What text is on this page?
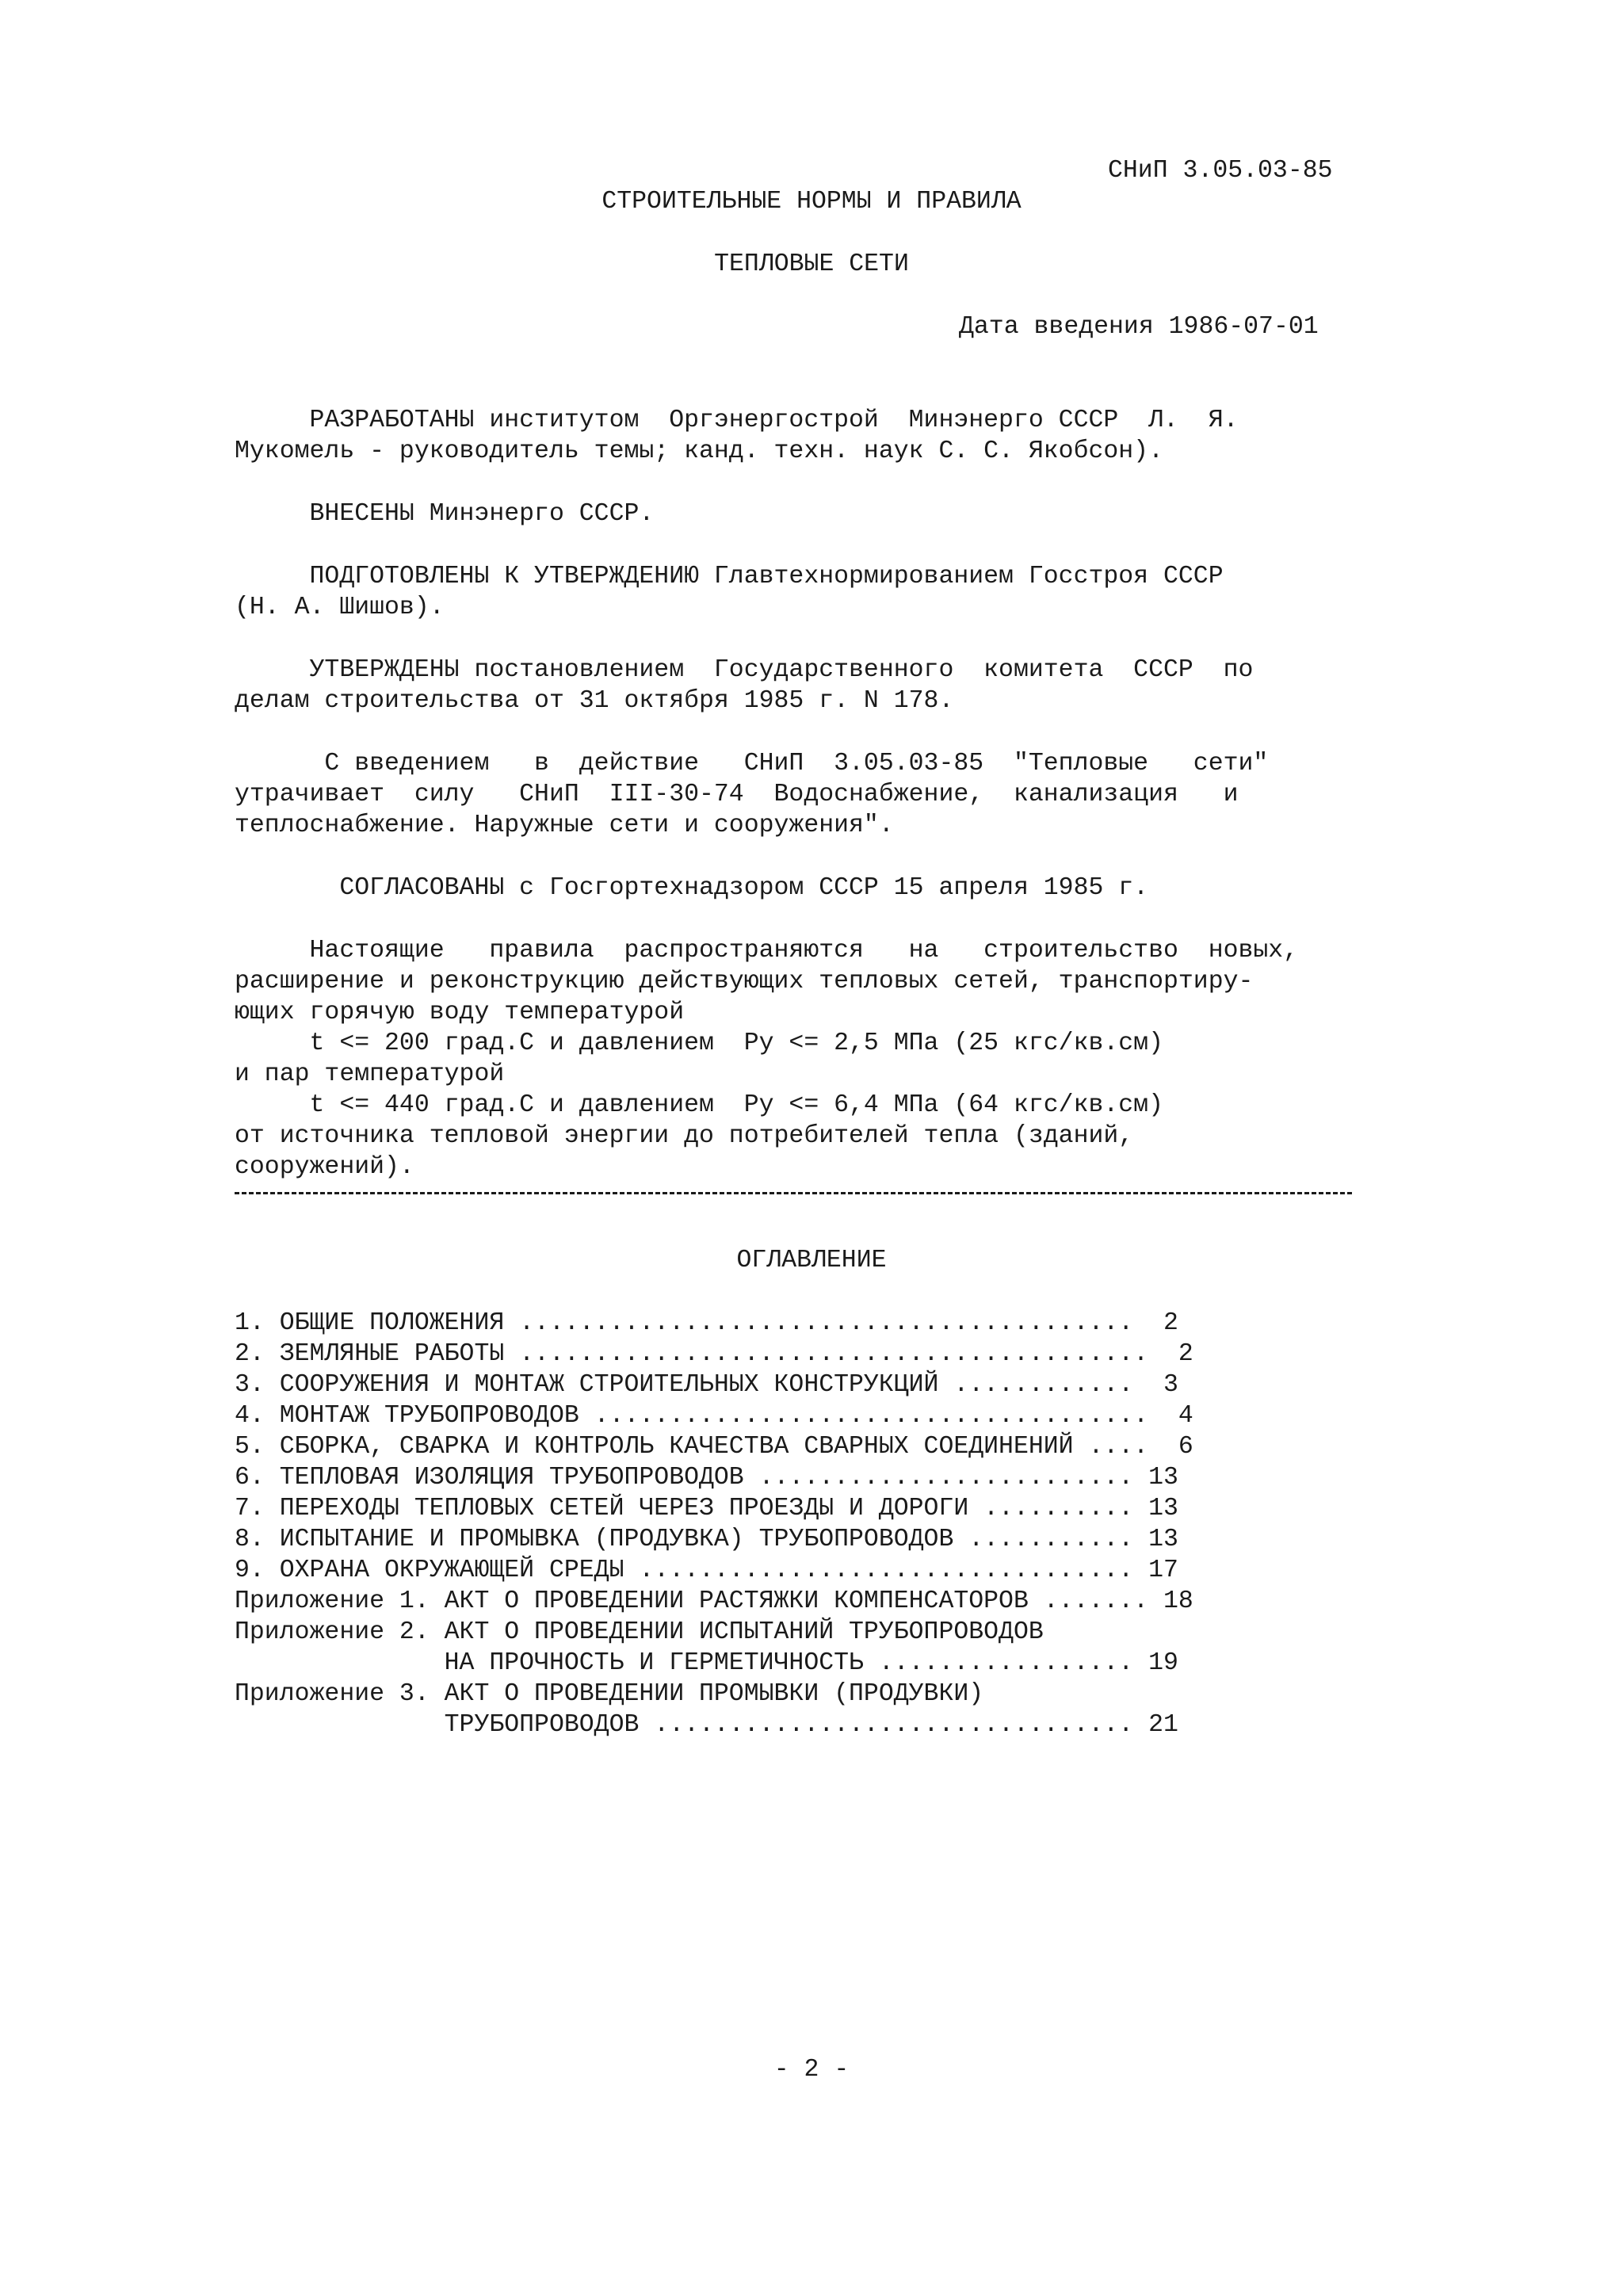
СНиП 3.05.03-85
СТРОИТЕЛЬНЫЕ НОРМЫ И ПРАВИЛА
ТЕПЛОВЫЕ СЕТИ
Дата введения 1986-07-01
РАЗРАБОТАНЫ институтом  Оргэнергострой  Минэнерго СССР  Л.  Я.
Мукомель - руководитель темы; канд. техн. наук С. С. Якобсон).
ВНЕСЕНЫ Минэнерго СССР.
ПОДГОТОВЛЕНЫ К УТВЕРЖДЕНИЮ Главтехнормированием Госстроя СССР
(Н. А. Шишов).
УТВЕРЖДЕНЫ постановлением  Государственного  комитета  СССР  по
делам строительства от 31 октября 1985 г. N 178.
С введением   в  действие   СНиП  3.05.03-85  "Тепловые   сети"
утрачивает  силу   СНиП  III-30-74  Водоснабжение,  канализация   и
теплоснабжение. Наружные сети и сооружения".
СОГЛАСОВАНЫ с Госгортехнадзором СССР 15 апреля 1985 г.
Настоящие   правила  распространяются   на   строительство  новых,
расширение и реконструкцию действующих тепловых сетей, транспортиру-
ющих горячую воду температурой
t <= 200 град.С и давлением  Ру <= 2,5 МПа (25 кгс/кв.см)
и пар температурой
t <= 440 град.С и давлением  Ру <= 6,4 МПа (64 кгс/кв.см)
от источника тепловой энергии до потребителей тепла (зданий,
сооружений).
ОГЛАВЛЕНИЕ
1. ОБЩИЕ ПОЛОЖЕНИЯ .........................................  2
2. ЗЕМЛЯНЫЕ РАБОТЫ ..........................................  2
3. СООРУЖЕНИЯ И МОНТАЖ СТРОИТЕЛЬНЫХ КОНСТРУКЦИЙ ............  3
4. МОНТАЖ ТРУБОПРОВОДОВ .....................................  4
5. СБОРКА, СВАРКА И КОНТРОЛЬ КАЧЕСТВА СВАРНЫХ СОЕДИНЕНИЙ ....  6
6. ТЕПЛОВАЯ ИЗОЛЯЦИЯ ТРУБОПРОВОДОВ ......................... 13
7. ПЕРЕХОДЫ ТЕПЛОВЫХ СЕТЕЙ ЧЕРЕЗ ПРОЕЗДЫ И ДОРОГИ .......... 13
8. ИСПЫТАНИЕ И ПРОМЫВКА (ПРОДУВКА) ТРУБОПРОВОДОВ ........... 13
9. ОХРАНА ОКРУЖАЮЩЕЙ СРЕДЫ ................................. 17
Приложение 1. АКТ О ПРОВЕДЕНИИ РАСТЯЖКИ КОМПЕНСАТОРОВ ....... 18
Приложение 2. АКТ О ПРОВЕДЕНИИ ИСПЫТАНИЙ ТРУБОПРОВОДОВ
НА ПРОЧНОСТЬ И ГЕРМЕТИЧНОСТЬ ................. 19
Приложение 3. АКТ О ПРОВЕДЕНИИ ПРОМЫВКИ (ПРОДУВКИ)
ТРУБОПРОВОДОВ ................................ 21
- 2 -
